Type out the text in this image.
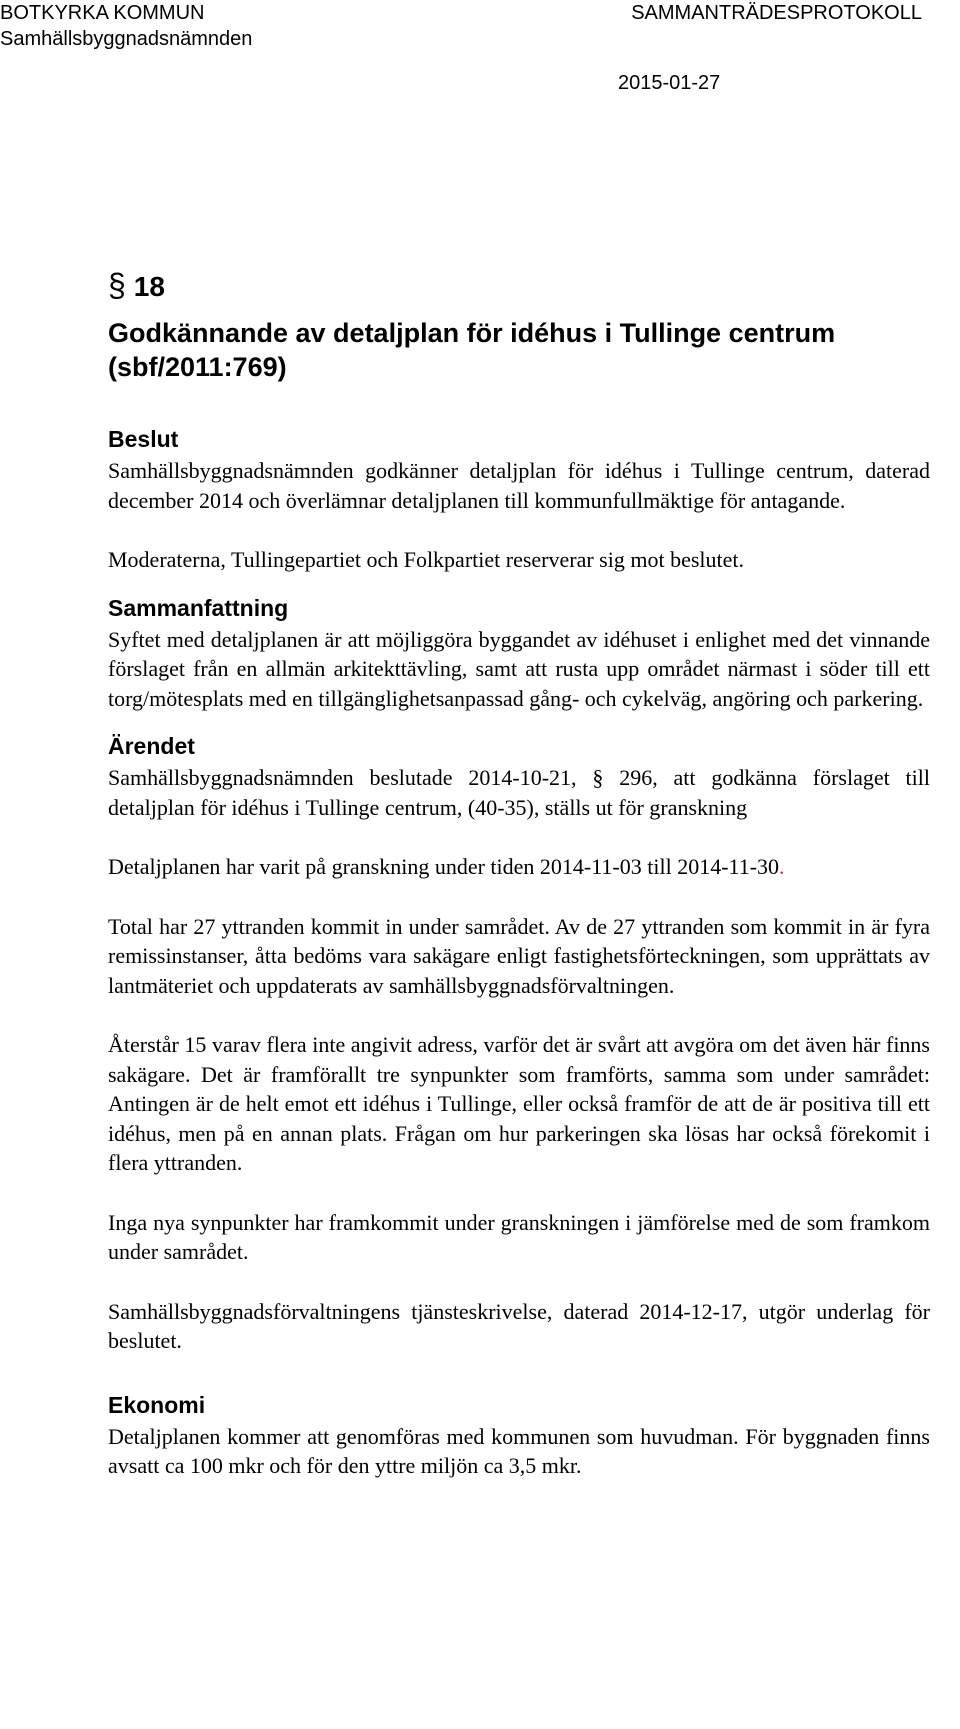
BOTKYRKA KOMMUN
Samhällsbyggnadsnämnden
SAMMANTRÄDESPROTOKOLL
2015-01-27
§ 18
Godkännande av detaljplan för idéhus i Tullinge centrum (sbf/2011:769)
Beslut

Samhällsbyggnadsnämnden godkänner detaljplan för idéhus i Tullinge centrum, daterad december 2014 och överlämnar detaljplanen till kommunfullmäktige för antagande.

Moderaterna, Tullingepartiet och Folkpartiet reserverar sig mot beslutet.

Sammanfattning

Syftet med detaljplanen är att möjliggöra byggandet av idéhuset i enlighet med det vinnande förslaget från en allmän arkitekttävling, samt att rusta upp området närmast i söder till ett torg/mötesplats med en tillgänglighetsanpassad gång- och cykelväg, angöring och parkering.

Ärendet

Samhällsbyggnadsnämnden beslutade 2014-10-21, § 296, att godkänna förslaget till detaljplan för idéhus i Tullinge centrum, (40-35), ställs ut för granskning

Detaljplanen har varit på granskning under tiden 2014-11-03 till 2014-11-30.

Total har 27 yttranden kommit in under samrådet. Av de 27 yttranden som kommit in är fyra remissinstanser, åtta bedöms vara sakägare enligt fastighetsförteckningen, som upprättats av lantmäteriet och uppdaterats av samhällsbyggnadsförvaltningen.

Återstår 15 varav flera inte angivit adress, varför det är svårt att avgöra om det även här finns sakägare. Det är framförallt tre synpunkter som framförts, samma som under samrådet: Antingen är de helt emot ett idéhus i Tullinge, eller också framför de att de är positiva till ett idéhus, men på en annan plats. Frågan om hur parkeringen ska lösas har också förekomit i flera yttranden.

Inga nya synpunkter har framkommit under granskningen i jämförelse med de som framkom under samrådet.

Samhällsbyggnadsförvaltningens tjänsteskrivelse, daterad 2014-12-17, utgör underlag för beslutet.

Ekonomi

Detaljplanen kommer att genomföras med kommunen som huvudman. För byggnaden finns avsatt ca 100 mkr och för den yttre miljön ca 3,5 mkr.
